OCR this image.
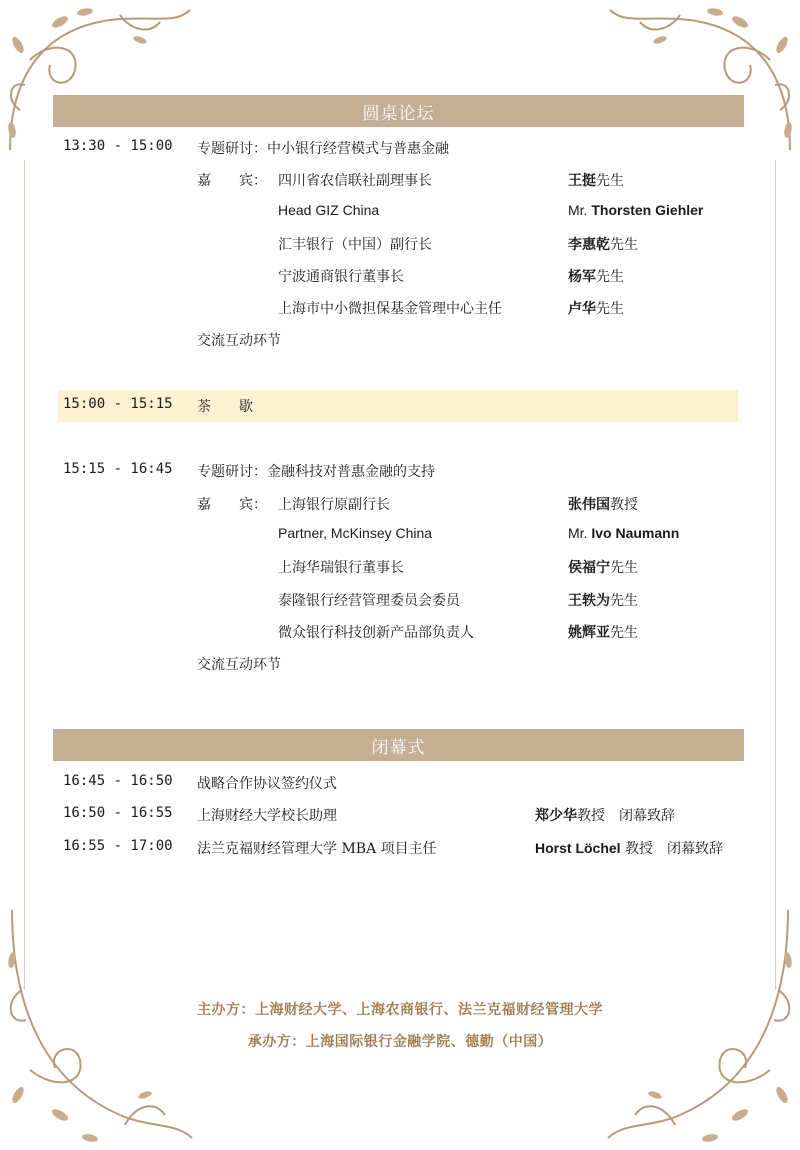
圆桌论坛
13:30 - 15:00 专题研讨：中小银行经营模式与普惠金融
嘉　　宾： 四川省农信联社副理事长	王挺先生
Head GIZ China	Mr. Thorsten Giehler
汇丰银行（中国）副行长	李惠乾先生
宁波通商银行董事长	杨军先生
上海市中小微担保基金管理中心主任	卢华先生
交流互动环节
15:00 - 15:15 茶　　歇
15:15 - 16:45 专题研讨：金融科技对普惠金融的支持
嘉　　宾： 上海银行原副行长	张伟国教授
Partner, McKinsey China	Mr. Ivo Naumann
上海华瑞银行董事长	侯福宁先生
泰隆银行经营管理委员会委员	王轶为先生
微众银行科技创新产品部负责人	姚辉亚先生
交流互动环节
闭幕式
16:45 - 16:50 战略合作协议签约仪式
16:50 - 16:55 上海财经大学校长助理	郑少华教授　闭幕致辞
16:55 - 17:00 法兰克福财经管理大学 MBA 项目主任	Horst Löchel 教授　闭幕致辞
主办方：上海财经大学、上海农商银行、法兰克福财经管理大学
承办方：上海国际银行金融学院、德勤（中国）
